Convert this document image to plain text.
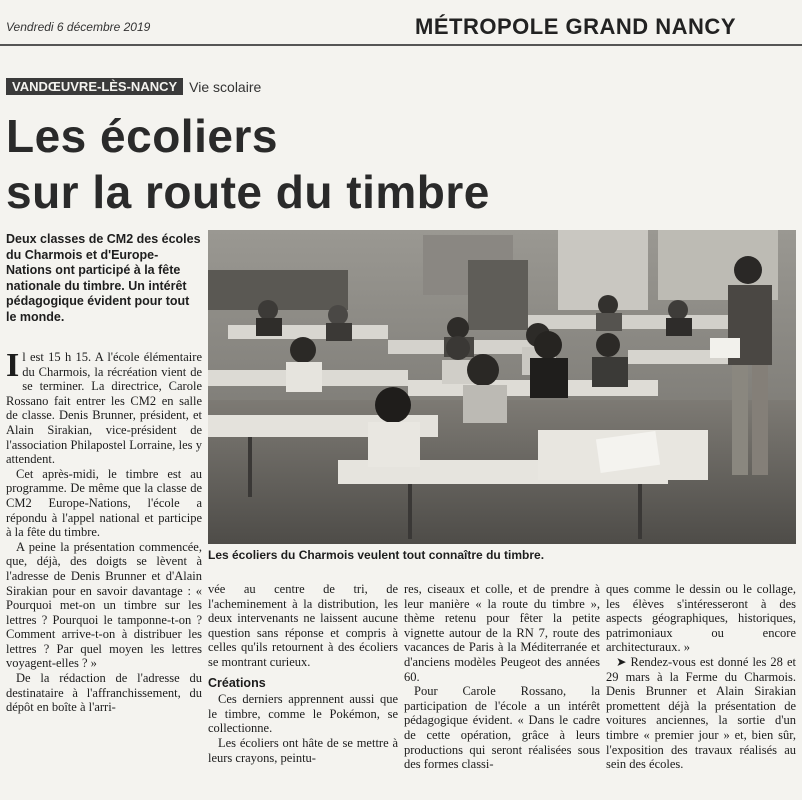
Vendredi 6 décembre 2019	MÉTROPOLE GRAND NANCY
VANDŒUVRE-LÈS-NANCY Vie scolaire
Les écoliers
sur la route du timbre
Deux classes de CM2 des écoles du Charmois et d'Europe-Nations ont participé à la fête nationale du timbre. Un intérêt pédagogique évident pour tout le monde.

Il est 15 h 15. A l'école élémentaire du Charmois, la récréation vient de se terminer. La directrice, Carole Rossano fait entrer les CM2 en salle de classe. Denis Brunner, président, et Alain Sirakian, vice-président de l'association Philapostel Lorraine, les y attendent.

Cet après-midi, le timbre est au programme. De même que la classe de CM2 Europe-Nations, l'école a répondu à l'appel national et participe à la fête du timbre.

A peine la présentation commencée, que, déjà, des doigts se lèvent à l'adresse de Denis Brunner et d'Alain Sirakian pour en savoir davantage : « Pourquoi met-on un timbre sur les lettres ? Pourquoi le tamponne-t-on ? Comment arrive-t-on à distribuer les lettres ? Par quel moyen les lettres voyagent-elles ? »

De la rédaction de l'adresse du destinataire à l'affranchissement, du dépôt en boîte à l'arri-

Les écoliers du Charmois veulent tout connaître du timbre.

vée au centre de tri, de l'acheminement à la distribution, les deux intervenants ne laissent aucune question sans réponse et compris à celles qu'ils retournent à des écoliers se montrant curieux.

Créations

Ces derniers apprennent aussi que le timbre, comme le Pokémon, se collectionne.

Les écoliers ont hâte de se mettre à leurs crayons, peintu-

res, ciseaux et colle, et de prendre à leur manière « la route du timbre », thème retenu pour fêter la petite vignette autour de la RN 7, route des vacances de Paris à la Méditerranée et d'anciens modèles Peugeot des années 60.

Pour Carole Rossano, la participation de l'école a un intérêt pédagogique évident. « Dans le cadre de cette opération, grâce à leurs productions qui seront réalisées sous des formes classi-

ques comme le dessin ou le collage, les élèves s'intéresseront à des aspects géographiques, historiques, patrimoniaux ou encore architecturaux. »

➤ Rendez-vous est donné les 28 et 29 mars à la Ferme du Charmois. Denis Brunner et Alain Sirakian promettent déjà la présentation de voitures anciennes, la sortie d'un timbre « premier jour » et, bien sûr, l'exposition des travaux réalisés au sein des écoles.
